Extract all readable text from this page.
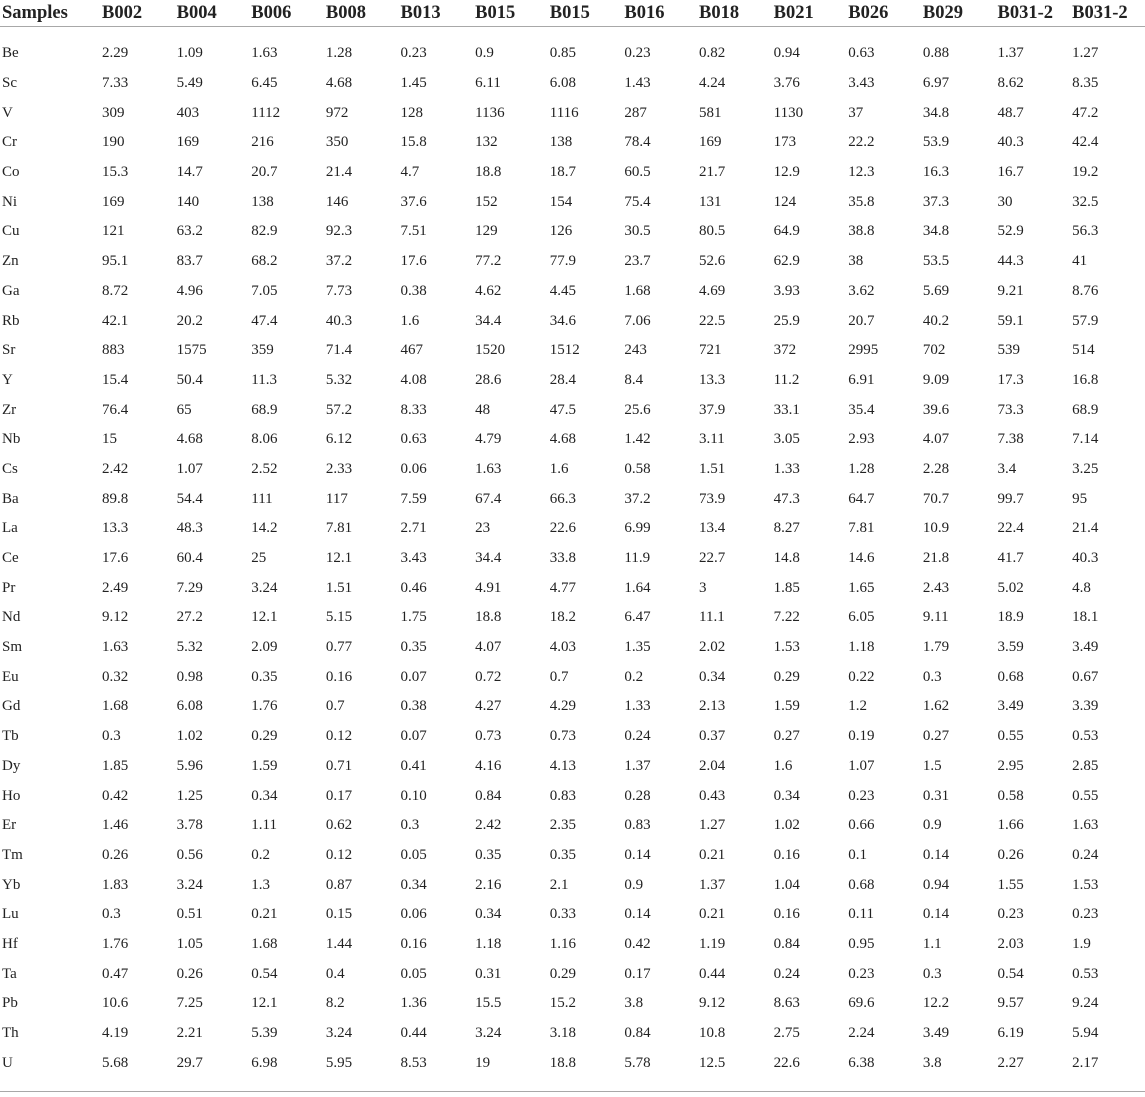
Samples	B002	B004	B006	B008	B013	B015	B015	B016	B018	B021	B026	B029	B031-2	B031-2

Be	2.29	1.09	1.63	1.28	0.23	0.9	0.85	0.23	0.82	0.94	0.63	0.88	1.37	1.27
Sc	7.33	5.49	6.45	4.68	1.45	6.11	6.08	1.43	4.24	3.76	3.43	6.97	8.62	8.35
V	309	403	1112	972	128	1136	1116	287	581	1130	37	34.8	48.7	47.2
Cr	190	169	216	350	15.8	132	138	78.4	169	173	22.2	53.9	40.3	42.4
Co	15.3	14.7	20.7	21.4	4.7	18.8	18.7	60.5	21.7	12.9	12.3	16.3	16.7	19.2
Ni	169	140	138	146	37.6	152	154	75.4	131	124	35.8	37.3	30	32.5
Cu	121	63.2	82.9	92.3	7.51	129	126	30.5	80.5	64.9	38.8	34.8	52.9	56.3
Zn	95.1	83.7	68.2	37.2	17.6	77.2	77.9	23.7	52.6	62.9	38	53.5	44.3	41
Ga	8.72	4.96	7.05	7.73	0.38	4.62	4.45	1.68	4.69	3.93	3.62	5.69	9.21	8.76
Rb	42.1	20.2	47.4	40.3	1.6	34.4	34.6	7.06	22.5	25.9	20.7	40.2	59.1	57.9
Sr	883	1575	359	71.4	467	1520	1512	243	721	372	2995	702	539	514
Y	15.4	50.4	11.3	5.32	4.08	28.6	28.4	8.4	13.3	11.2	6.91	9.09	17.3	16.8
Zr	76.4	65	68.9	57.2	8.33	48	47.5	25.6	37.9	33.1	35.4	39.6	73.3	68.9
Nb	15	4.68	8.06	6.12	0.63	4.79	4.68	1.42	3.11	3.05	2.93	4.07	7.38	7.14
Cs	2.42	1.07	2.52	2.33	0.06	1.63	1.6	0.58	1.51	1.33	1.28	2.28	3.4	3.25
Ba	89.8	54.4	111	117	7.59	67.4	66.3	37.2	73.9	47.3	64.7	70.7	99.7	95
La	13.3	48.3	14.2	7.81	2.71	23	22.6	6.99	13.4	8.27	7.81	10.9	22.4	21.4
Ce	17.6	60.4	25	12.1	3.43	34.4	33.8	11.9	22.7	14.8	14.6	21.8	41.7	40.3
Pr	2.49	7.29	3.24	1.51	0.46	4.91	4.77	1.64	3	1.85	1.65	2.43	5.02	4.8
Nd	9.12	27.2	12.1	5.15	1.75	18.8	18.2	6.47	11.1	7.22	6.05	9.11	18.9	18.1
Sm	1.63	5.32	2.09	0.77	0.35	4.07	4.03	1.35	2.02	1.53	1.18	1.79	3.59	3.49
Eu	0.32	0.98	0.35	0.16	0.07	0.72	0.7	0.2	0.34	0.29	0.22	0.3	0.68	0.67
Gd	1.68	6.08	1.76	0.7	0.38	4.27	4.29	1.33	2.13	1.59	1.2	1.62	3.49	3.39
Tb	0.3	1.02	0.29	0.12	0.07	0.73	0.73	0.24	0.37	0.27	0.19	0.27	0.55	0.53
Dy	1.85	5.96	1.59	0.71	0.41	4.16	4.13	1.37	2.04	1.6	1.07	1.5	2.95	2.85
Ho	0.42	1.25	0.34	0.17	0.10	0.84	0.83	0.28	0.43	0.34	0.23	0.31	0.58	0.55
Er	1.46	3.78	1.11	0.62	0.3	2.42	2.35	0.83	1.27	1.02	0.66	0.9	1.66	1.63
Tm	0.26	0.56	0.2	0.12	0.05	0.35	0.35	0.14	0.21	0.16	0.1	0.14	0.26	0.24
Yb	1.83	3.24	1.3	0.87	0.34	2.16	2.1	0.9	1.37	1.04	0.68	0.94	1.55	1.53
Lu	0.3	0.51	0.21	0.15	0.06	0.34	0.33	0.14	0.21	0.16	0.11	0.14	0.23	0.23
Hf	1.76	1.05	1.68	1.44	0.16	1.18	1.16	0.42	1.19	0.84	0.95	1.1	2.03	1.9
Ta	0.47	0.26	0.54	0.4	0.05	0.31	0.29	0.17	0.44	0.24	0.23	0.3	0.54	0.53
Pb	10.6	7.25	12.1	8.2	1.36	15.5	15.2	3.8	9.12	8.63	69.6	12.2	9.57	9.24
Th	4.19	2.21	5.39	3.24	0.44	3.24	3.18	0.84	10.8	2.75	2.24	3.49	6.19	5.94
U	5.68	29.7	6.98	5.95	8.53	19	18.8	5.78	12.5	22.6	6.38	3.8	2.27	2.17
